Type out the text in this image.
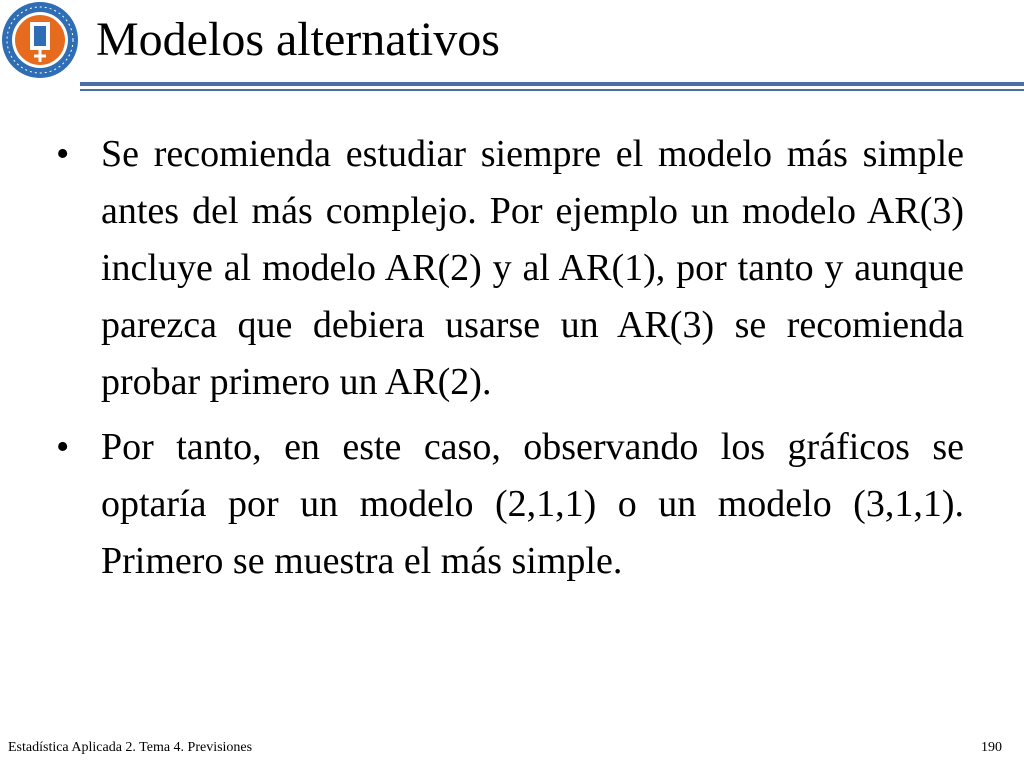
Modelos alternativos
• Se recomienda estudiar siempre el modelo más simple antes del más complejo. Por ejemplo un modelo AR(3) incluye al modelo AR(2) y al AR(1), por tanto y aunque parezca que debiera usarse un AR(3) se recomienda probar primero un AR(2).
• Por tanto, en este caso, observando los gráficos se optaría por un modelo (2,1,1) o un modelo (3,1,1). Primero se muestra el más simple.
Estadística Aplicada 2. Tema 4. Previsiones	190
